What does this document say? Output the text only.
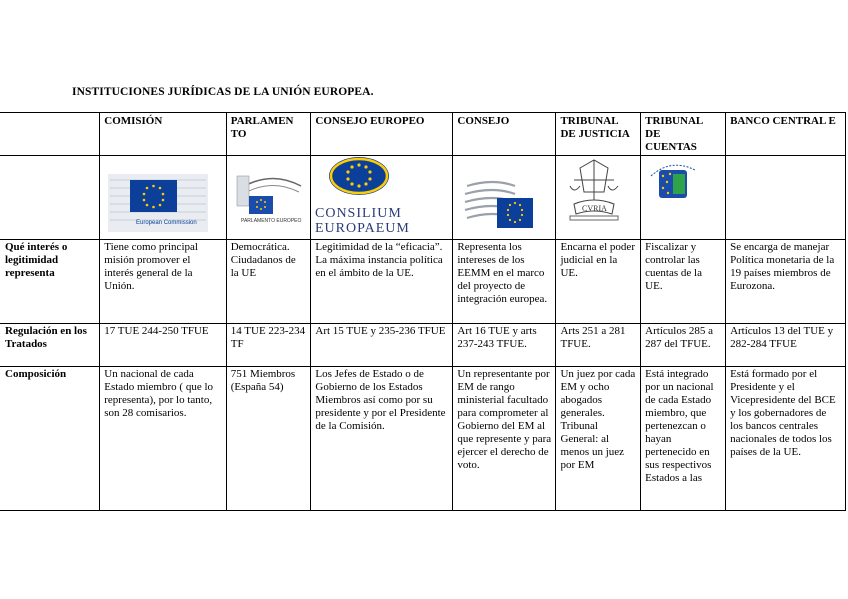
INSTITUCIONES JURÍDICAS DE LA UNIÓN EUROPEA.
	COMISIÓN	PARLAMEN TO	CONSEJO EUROPEO	CONSEJO	TRIBUNAL DE JUSTICIA	TRIBUNAL DE CUENTAS	BANCO CENTRAL E

European Commission	PARLAMENTO EUROPEO	CONSILIUM
EUROPAEUM		CVRIA

Qué interés o legitimidad representa	Tiene como principal misión promover el interés general de la Unión.	Democrática. Ciudadanos de la UE	Legitimidad de la “eficacia”. La máxima instancia política en el ámbito de la UE.	Representa los intereses de los EEMM en el marco del proyecto de integración europea.	Encarna el poder judicial en la UE.	Fiscalizar y controlar las cuentas de la UE.	Se encarga de manejar Política monetaria de la 19 países miembros de Eurozona.
Regulación en los Tratados	17 TUE 244-250 TFUE	14 TUE 223-234 TF	Art 15 TUE y 235-236 TFUE	Art 16 TUE y arts 237-243 TFUE.	Arts 251 a 281 TFUE.	Artículos 285 a 287 del TFUE.	Artículos 13 del TUE y 282-284 TFUE
Composición	Un nacional de cada Estado miembro ( que lo representa), por lo tanto, son 28 comisarios.	751 Miembros (España 54)	Los Jefes de Estado o de Gobierno de los Estados Miembros así como por su presidente y por el Presidente de la Comisión.	Un representante por EM de rango ministerial facultado para comprometer al Gobierno del EM al que represente y para ejercer el derecho de voto.	Un juez por cada EM y ocho abogados generales. Tribunal General: al menos un juez por EM	Está integrado por un nacional de cada Estado miembro, que pertenezcan o hayan pertenecido en sus respectivos Estados a las	Está formado por el Presidente y el Vicepresidente del BCE y los gobernadores de los bancos centrales nacionales de todos los países de la UE.
